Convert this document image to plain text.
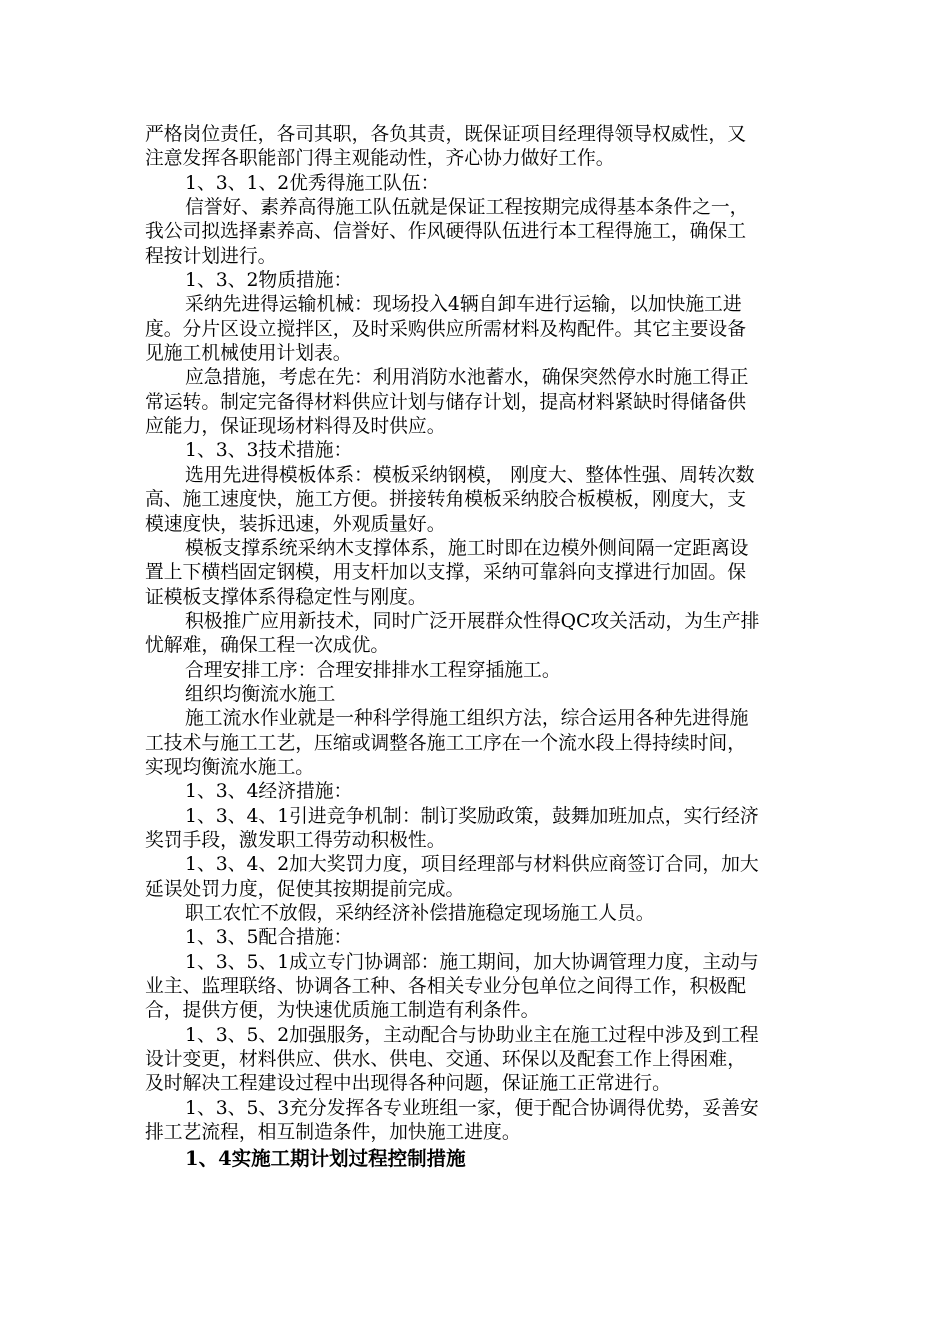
严格岗位责任，各司其职，各负其责，既保证项目经理得领导权威性，又

注意发挥各职能部门得主观能动性，齐心协力做好工作。

1、3、1、2优秀得施工队伍：

信誉好、素养高得施工队伍就是保证工程按期完成得基本条件之一，

我公司拟选择素养高、信誉好、作风硬得队伍进行本工程得施工，确保工

程按计划进行。

1、3、2物质措施：

采纳先进得运输机械：现场投入4辆自卸车进行运输，以加快施工进

度。分片区设立搅拌区，及时采购供应所需材料及构配件。其它主要设备

见施工机械使用计划表。

应急措施，考虑在先：利用消防水池蓄水，确保突然停水时施工得正

常运转。制定完备得材料供应计划与储存计划，提高材料紧缺时得储备供

应能力，保证现场材料得及时供应。

1、3、3技术措施：

选用先进得模板体系：模板采纳钢模， 刚度大、整体性强、周转次数

高、施工速度快，施工方便。拼接转角模板采纳胶合板模板，刚度大，支

模速度快，装拆迅速，外观质量好。

模板支撑系统采纳木支撑体系，施工时即在边模外侧间隔一定距离设

置上下横档固定钢模，用支杆加以支撑，采纳可靠斜向支撑进行加固。保

证模板支撑体系得稳定性与刚度。

积极推广应用新技术，同时广泛开展群众性得QC攻关活动，为生产排

忧解难，确保工程一次成优。

合理安排工序：合理安排排水工程穿插施工。

组织均衡流水施工

施工流水作业就是一种科学得施工组织方法，综合运用各种先进得施

工技术与施工工艺，压缩或调整各施工工序在一个流水段上得持续时间，

实现均衡流水施工。

1、3、4经济措施：

1、3、4、1引进竞争机制：制订奖励政策，鼓舞加班加点，实行经济

奖罚手段，激发职工得劳动积极性。

1、3、4、2加大奖罚力度，项目经理部与材料供应商签订合同，加大

延误处罚力度，促使其按期提前完成。

职工农忙不放假，采纳经济补偿措施稳定现场施工人员。

1、3、5配合措施：

1、3、5、1成立专门协调部：施工期间，加大协调管理力度，主动与

业主、监理联络、协调各工种、各相关专业分包单位之间得工作，积极配

合，提供方便，为快速优质施工制造有利条件。

1、3、5、2加强服务，主动配合与协助业主在施工过程中涉及到工程

设计变更，材料供应、供水、供电、交通、环保以及配套工作上得困难，

及时解决工程建设过程中出现得各种问题，保证施工正常进行。

1、3、5、3充分发挥各专业班组一家，便于配合协调得优势，妥善安

排工艺流程，相互制造条件，加快施工进度。

1、4实施工期计划过程控制措施
